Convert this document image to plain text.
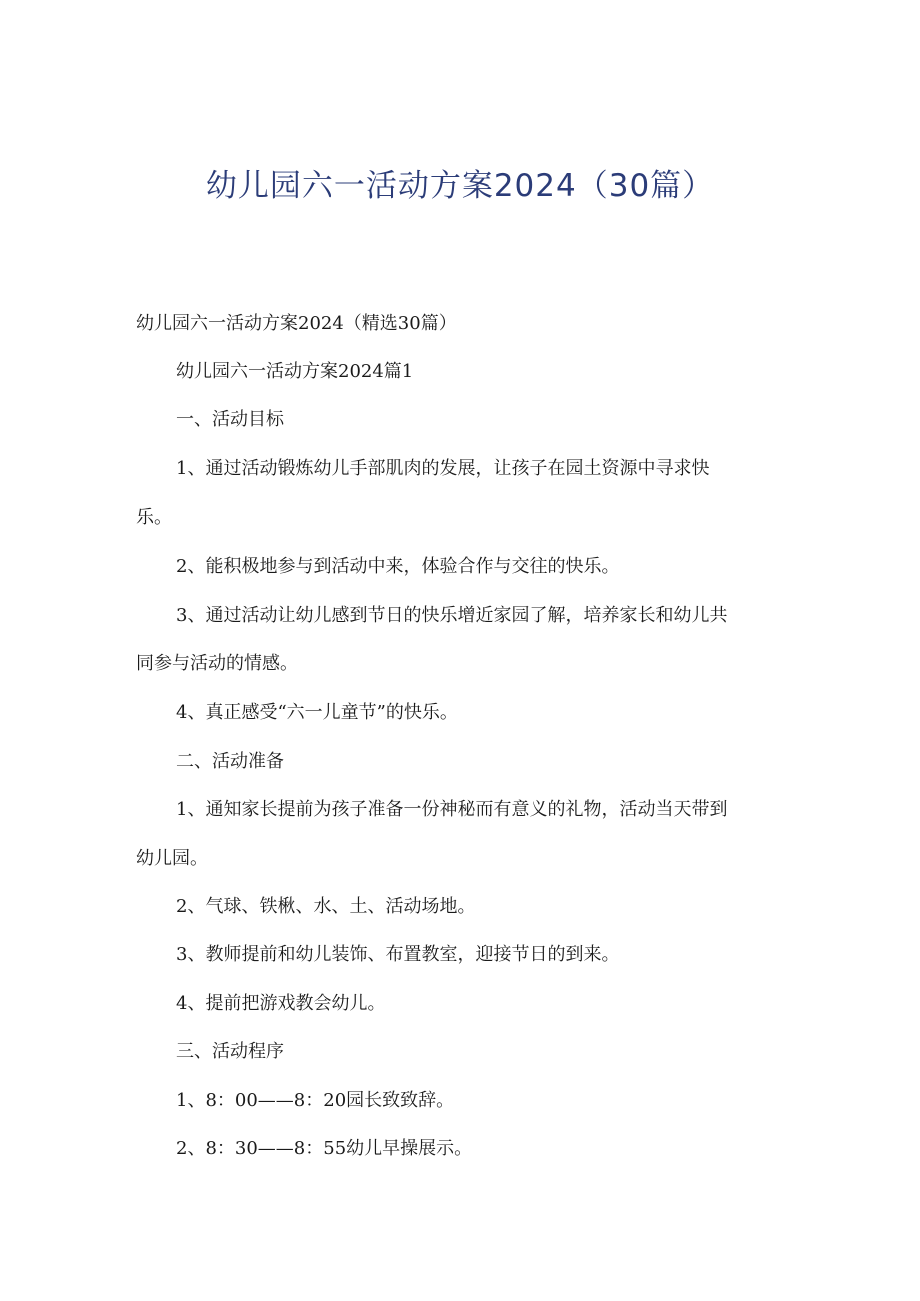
幼儿园六一活动方案2024（30篇）

幼儿园六一活动方案2024（精选30篇）

幼儿园六一活动方案2024篇1

一、活动目标

1、通过活动锻炼幼儿手部肌肉的发展，让孩子在园土资源中寻求快

乐。

2、能积极地参与到活动中来，体验合作与交往的快乐。

3、通过活动让幼儿感到节日的快乐增近家园了解，培养家长和幼儿共

同参与活动的情感。

4、真正感受“六一儿童节”的快乐。

二、活动准备

1、通知家长提前为孩子准备一份神秘而有意义的礼物，活动当天带到

幼儿园。

2、气球、铁楸、水、土、活动场地。

3、教师提前和幼儿装饰、布置教室，迎接节日的到来。

4、提前把游戏教会幼儿。

三、活动程序

1、8：00——8：20园长致致辞。

2、8：30——8：55幼儿早操展示。
